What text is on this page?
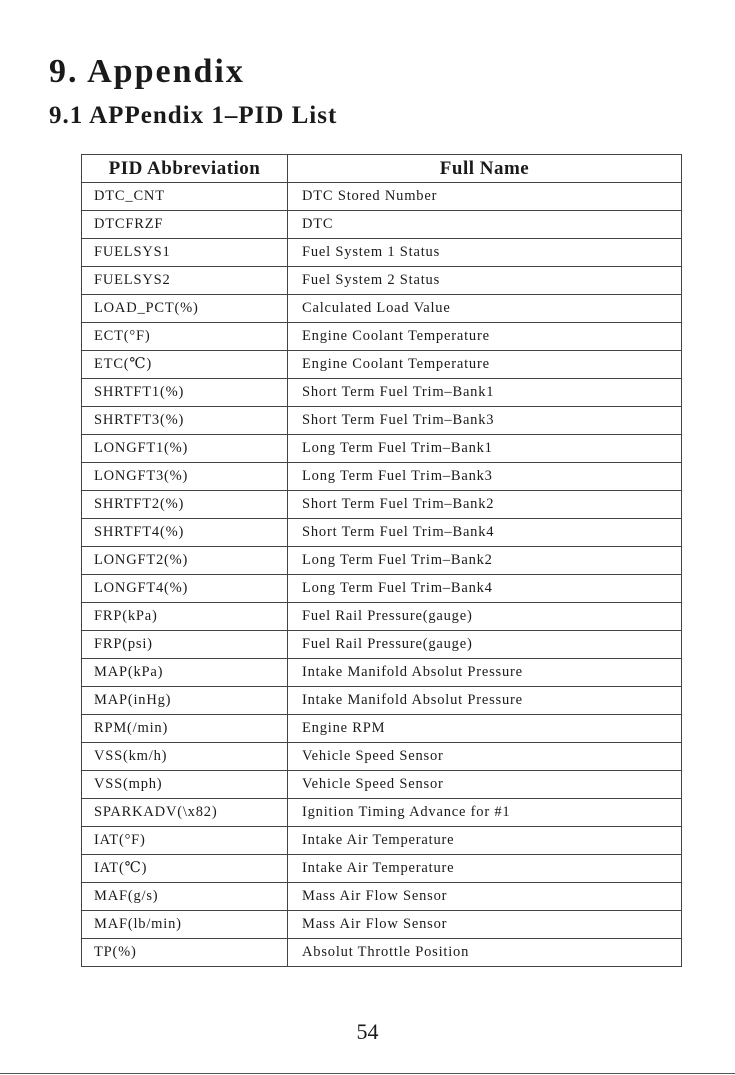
9. Appendix
9.1 APPendix 1–PID List
PID Abbreviation	Full Name
DTC_CNT	DTC Stored Number
DTCFRZF	DTC
FUELSYS1	Fuel System 1 Status
FUELSYS2	Fuel System 2 Status
LOAD_PCT(%)	Calculated Load Value
ECT(°F)	Engine Coolant Temperature
ETC(℃)	Engine Coolant Temperature
SHRTFT1(%)	Short Term Fuel Trim–Bank1
SHRTFT3(%)	Short Term Fuel Trim–Bank3
LONGFT1(%)	Long Term Fuel Trim–Bank1
LONGFT3(%)	Long Term Fuel Trim–Bank3
SHRTFT2(%)	Short Term Fuel Trim–Bank2
SHRTFT4(%)	Short Term Fuel Trim–Bank4
LONGFT2(%)	Long Term Fuel Trim–Bank2
LONGFT4(%)	Long Term Fuel Trim–Bank4
FRP(kPa)	Fuel Rail Pressure(gauge)
FRP(psi)	Fuel Rail Pressure(gauge)
MAP(kPa)	Intake Manifold Absolut Pressure
MAP(inHg)	Intake Manifold Absolut Pressure
RPM(/min)	Engine RPM
VSS(km/h)	Vehicle Speed Sensor
VSS(mph)	Vehicle Speed Sensor
SPARKADV(\x82)	Ignition Timing Advance for #1
IAT(°F)	Intake Air Temperature
IAT(℃)	Intake Air Temperature
MAF(g/s)	Mass Air Flow Sensor
MAF(lb/min)	Mass Air Flow Sensor
TP(%)	Absolut Throttle Position
54
